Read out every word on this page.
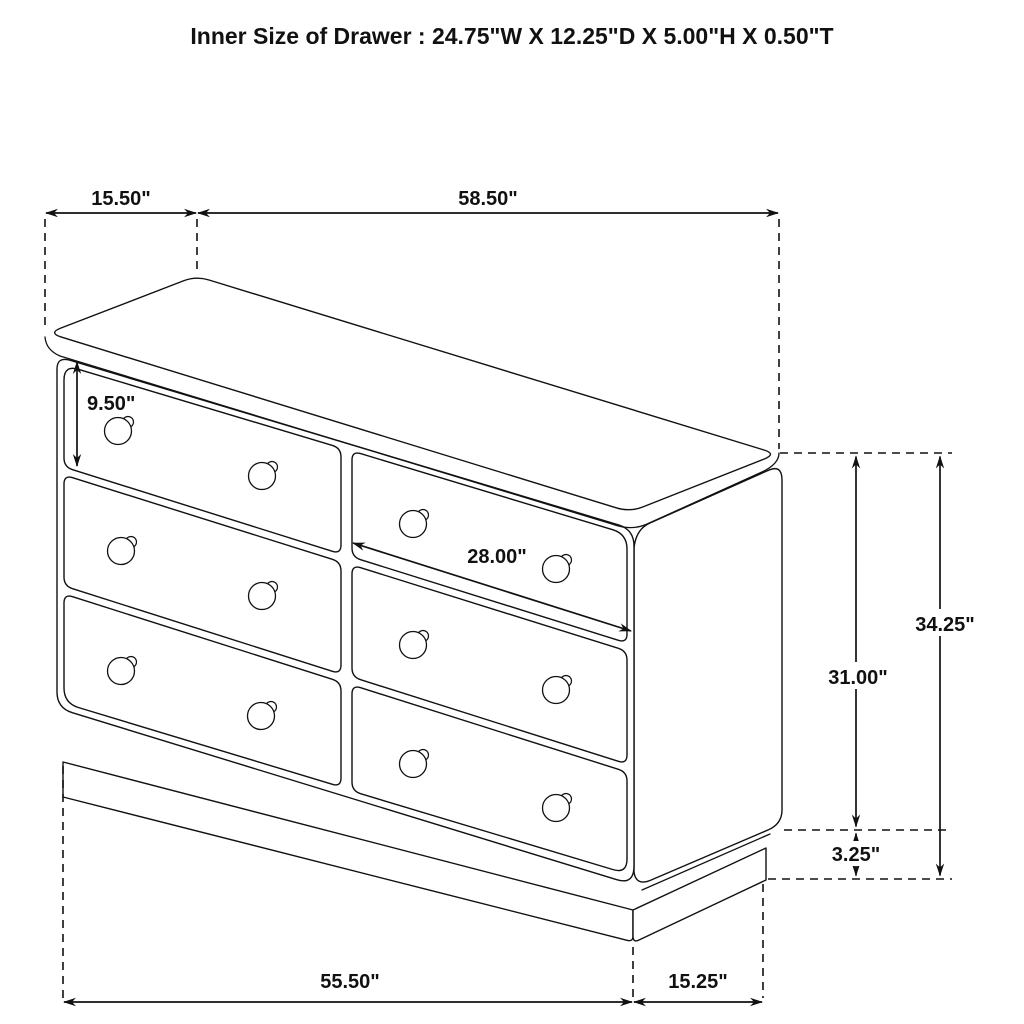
15.50"	58.50"
9.50"
28.00"
31.00"
34.25"
3.25"
55.50"	15.25"
Inner Size of Drawer : 24.75"W X 12.25"D X 5.00"H X 0.50"T
